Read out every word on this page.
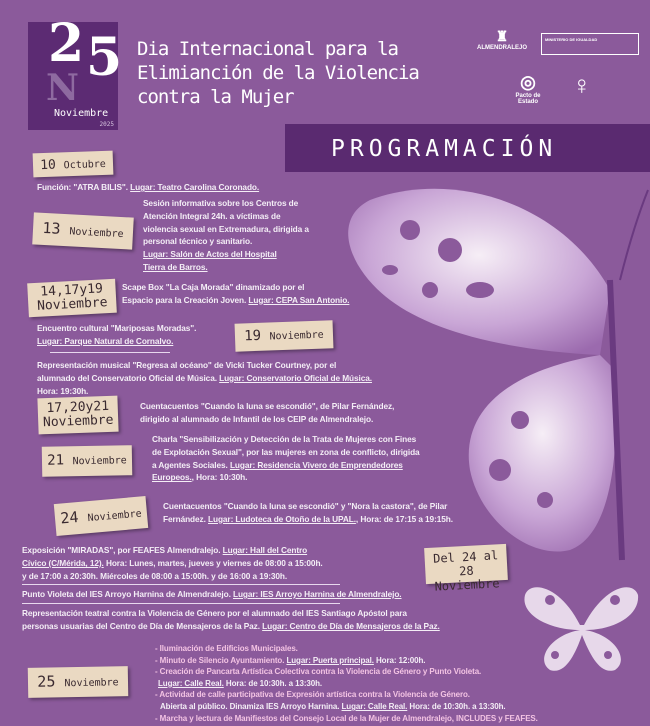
N
2 5
Noviembre
2025
Dia Internacional para la
Elimianción de la Violencia
contra la Mujer
♜
ALMENDRALEJO
MINISTERIO DE IGUALDAD
◎
Pacto de Estado
♀
PROGRAMACIÓN
10 Octubre
Función: "ATRA BILIS". Lugar: Teatro Carolina Coronado.
13 Noviembre
Sesión informativa sobre los Centros de
Atención Integral 24h. a víctimas de
violencia sexual en Extremadura, dirigida a
personal técnico y sanitario.
Lugar: Salón de Actos del Hospital
Tierra de Barros.
14,17y19
Noviembre
Scape Box "La Caja Morada" dinamizado por el
Espacio para la Creación Joven. Lugar: CEPA San Antonio.
Encuentro cultural "Mariposas Moradas".
Lugar: Parque Natural de Cornalvo.	19 Noviembre
Representación musical "Regresa al océano" de Vicki Tucker Courtney, por el
alumnado del Conservatorio Oficial de Música. Lugar: Conservatorio Oficial de Música.
Hora: 19:30h.
17,20y21
Noviembre
Cuentacuentos "Cuando la luna se escondió", de Pilar Fernández,
dirigido al alumnado de Infantil de los CEIP de Almendralejo.
21 Noviembre
Charla "Sensibilización y Detección de la Trata de Mujeres con Fines
de Explotación Sexual", por las mujeres en zona de conflicto, dirigida
a Agentes Sociales. Lugar: Residencia Vivero de Emprendedores
Europeos., Hora: 10:30h.
24 Noviembre
Cuentacuentos "Cuando la luna se escondió" y "Nora la castora", de Pilar
Fernández. Lugar: Ludoteca de Otoño de la UPAL., Hora: de 17:15 a 19:15h.
Exposición "MIRADAS", por FEAFES Almendralejo. Lugar: Hall del Centro
Cívico (C/Mérida, 12). Hora: Lunes, martes, jueves y viernes de 08:00 a 15:00h.
y de 17:00 a 20:30h. Miércoles de 08:00 a 15:00h. y de 16:00 a 19:30h.
Del 24 al 28
Noviembre
Punto Violeta del IES Arroyo Harnina de Almendralejo. Lugar: IES Arroyo Harnina de Almendralejo.
Representación teatral contra la Violencia de Género por el alumnado del IES Santiago Apóstol para
personas usuarias del Centro de Día de Mensajeros de la Paz. Lugar: Centro de Día de Mensajeros de la Paz.
25 Noviembre
- Iluminación de Edificios Municipales.
- Minuto de Silencio Ayuntamiento. Lugar: Puerta principal. Hora: 12:00h.
- Creación de Pancarta Artística Colectiva contra la Violencia de Género y Punto Violeta.
Lugar: Calle Real. Hora: de 10:30h. a 13:30h.
- Actividad de calle participativa de Expresión artística contra la Violencia de Género.
Abierta al público. Dinamiza IES Arroyo Harnina. Lugar: Calle Real. Hora: de 10:30h. a 13:30h.
- Marcha y lectura de Manifiestos del Consejo Local de la Mujer de Almendralejo, INCLUDES y FEAFES.
